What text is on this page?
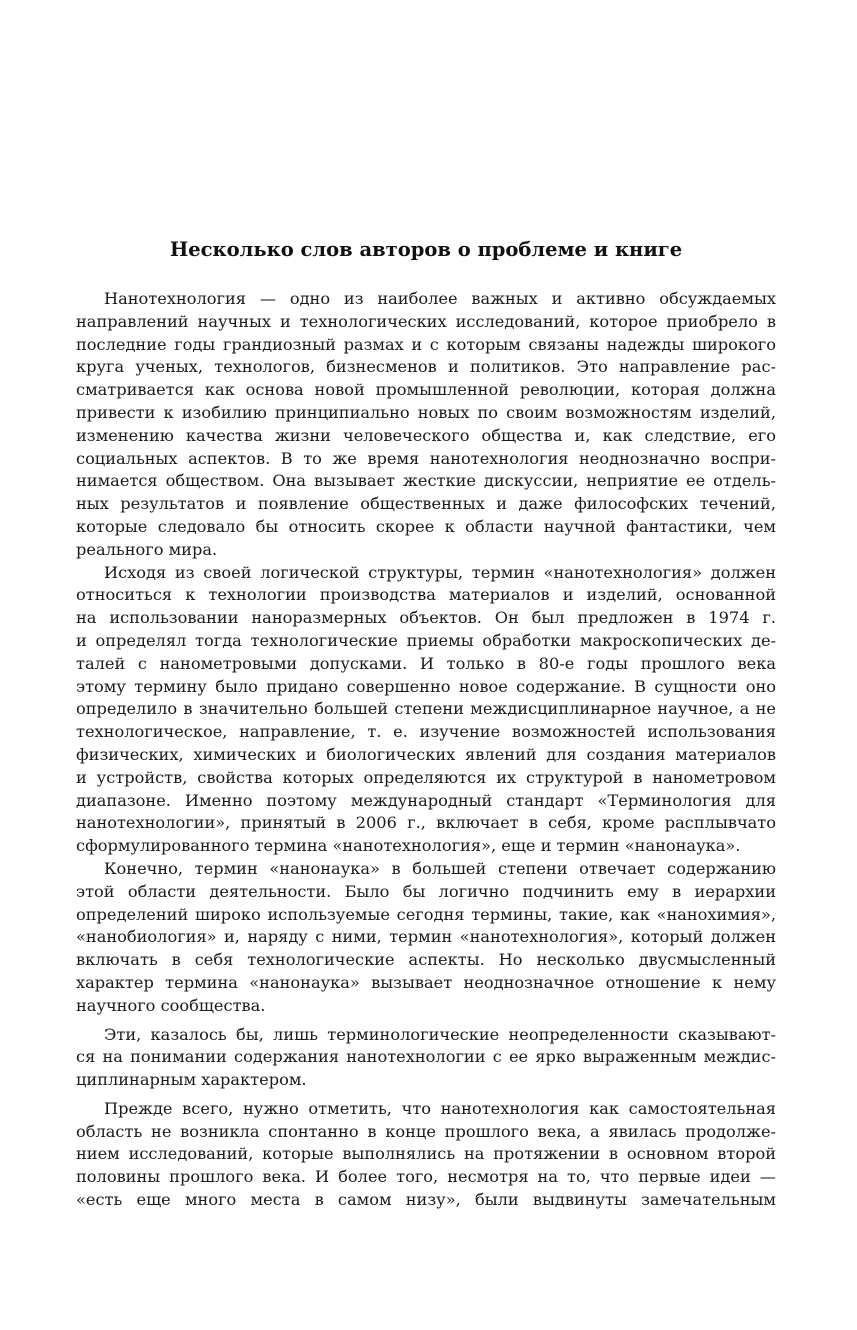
Несколько слов авторов о проблеме и книге
Нанотехнология — одно из наиболее важных и активно обсуждаемых
направлений научных и технологических исследований, которое приобрело в
последние годы грандиозный размах и с которым связаны надежды широкого
круга ученых, технологов, бизнесменов и политиков. Это направление рас-
сматривается как основа новой промышленной революции, которая должна
привести к изобилию принципиально новых по своим возможностям изделий,
изменению качества жизни человеческого общества и, как следствие, его
социальных аспектов. В то же время нанотехнология неоднозначно воспри-
нимается обществом. Она вызывает жесткие дискуссии, неприятие ее отдель-
ных результатов и появление общественных и даже философских течений,
которые следовало бы относить скорее к области научной фантастики, чем
реального мира.
Исходя из своей логической структуры, термин «нанотехнология» должен
относиться к технологии производства материалов и изделий, основанной
на использовании наноразмерных объектов. Он был предложен в 1974 г.
и определял тогда технологические приемы обработки макроскопических де-
талей с нанометровыми допусками. И только в 80-е годы прошлого века
этому термину было придано совершенно новое содержание. В сущности оно
определило в значительно большей степени междисциплинарное научное, а не
технологическое, направление, т. е. изучение возможностей использования
физических, химических и биологических явлений для создания материалов
и устройств, свойства которых определяются их структурой в нанометровом
диапазоне. Именно поэтому международный стандарт «Терминология для
нанотехнологии», принятый в 2006 г., включает в себя, кроме расплывчато
сформулированного термина «нанотехнология», еще и термин «нанонаука».
Конечно, термин «нанонаука» в большей степени отвечает содержанию
этой области деятельности. Было бы логично подчинить ему в иерархии
определений широко используемые сегодня термины, такие, как «нанохимия»,
«нанобиология» и, наряду с ними, термин «нанотехнология», который должен
включать в себя технологические аспекты. Но несколько двусмысленный
характер термина «нанонаука» вызывает неоднозначное отношение к нему
научного сообщества.
Эти, казалось бы, лишь терминологические неопределенности сказывают-
ся на понимании содержания нанотехнологии с ее ярко выраженным междис-
циплинарным характером.
Прежде всего, нужно отметить, что нанотехнология как самостоятельная
область не возникла спонтанно в конце прошлого века, а явилась продолже-
нием исследований, которые выполнялись на протяжении в основном второй
половины прошлого века. И более того, несмотря на то, что первые идеи —
«есть еще много места в самом низу», были выдвинуты замечательным
